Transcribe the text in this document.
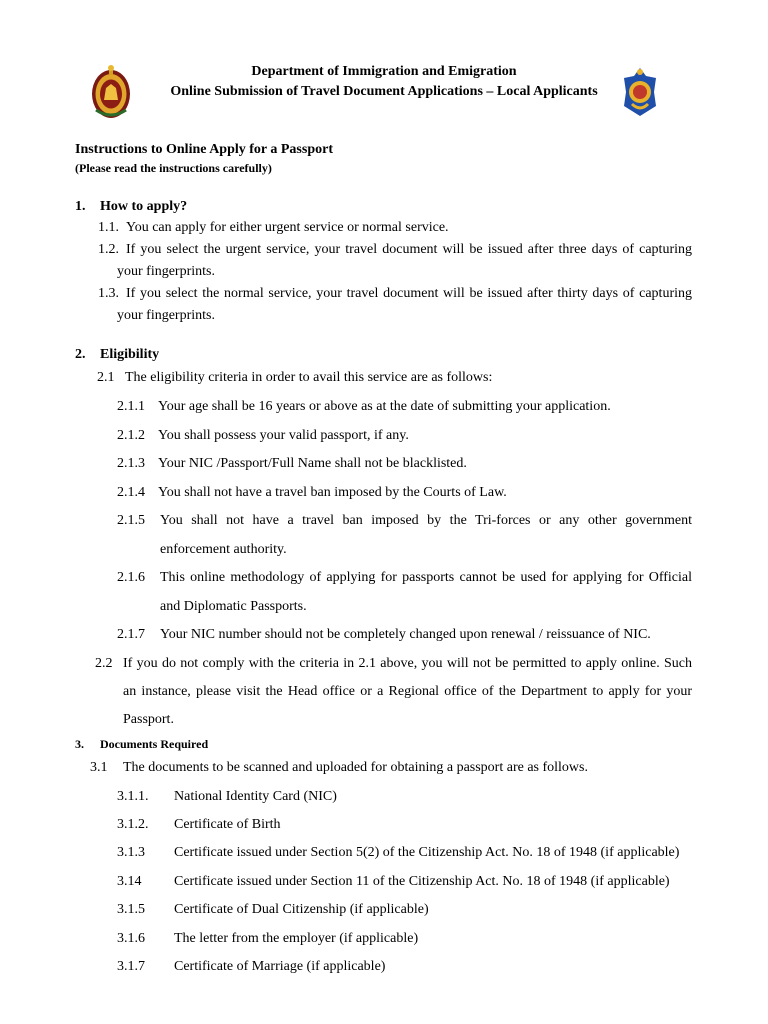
Department of Immigration and Emigration
Online Submission of Travel Document Applications – Local Applicants
Instructions to Online Apply for a Passport
(Please read the instructions carefully)
1. How to apply?
1.1. You can apply for either urgent service or normal service.
1.2. If you select the urgent service, your travel document will be issued after three days of capturing
your fingerprints.
1.3. If you select the normal service, your travel document will be issued after thirty days of capturing
your fingerprints.
2. Eligibility
2.1 The eligibility criteria in order to avail this service are as follows:
2.1.1 Your age shall be 16 years or above as at the date of submitting your application.
2.1.2 You shall possess your valid passport, if any.
2.1.3 Your NIC /Passport/Full Name shall not be blacklisted.
2.1.4 You shall not have a travel ban imposed by the Courts of Law.
2.1.5 You shall not have a travel ban imposed by the Tri-forces or any other government
enforcement authority.
2.1.6 This online methodology of applying for passports cannot be used for applying for Official
and Diplomatic Passports.
2.1.7 Your NIC number should not be completely changed upon renewal / reissuance of NIC.
2.2 If you do not comply with the criteria in 2.1 above, you will not be permitted to apply online. Such
an instance, please visit the Head office or a Regional office of the Department to apply for your
Passport.
3. Documents Required
3.1 The documents to be scanned and uploaded for obtaining a passport are as follows.
3.1.1. National Identity Card (NIC)
3.1.2. Certificate of Birth
3.1.3 Certificate issued under Section 5(2) of the Citizenship Act. No. 18 of 1948 (if applicable)
3.14 Certificate issued under Section 11 of the Citizenship Act. No. 18 of 1948 (if applicable)
3.1.5 Certificate of Dual Citizenship (if applicable)
3.1.6 The letter from the employer (if applicable)
3.1.7 Certificate of Marriage (if applicable)
